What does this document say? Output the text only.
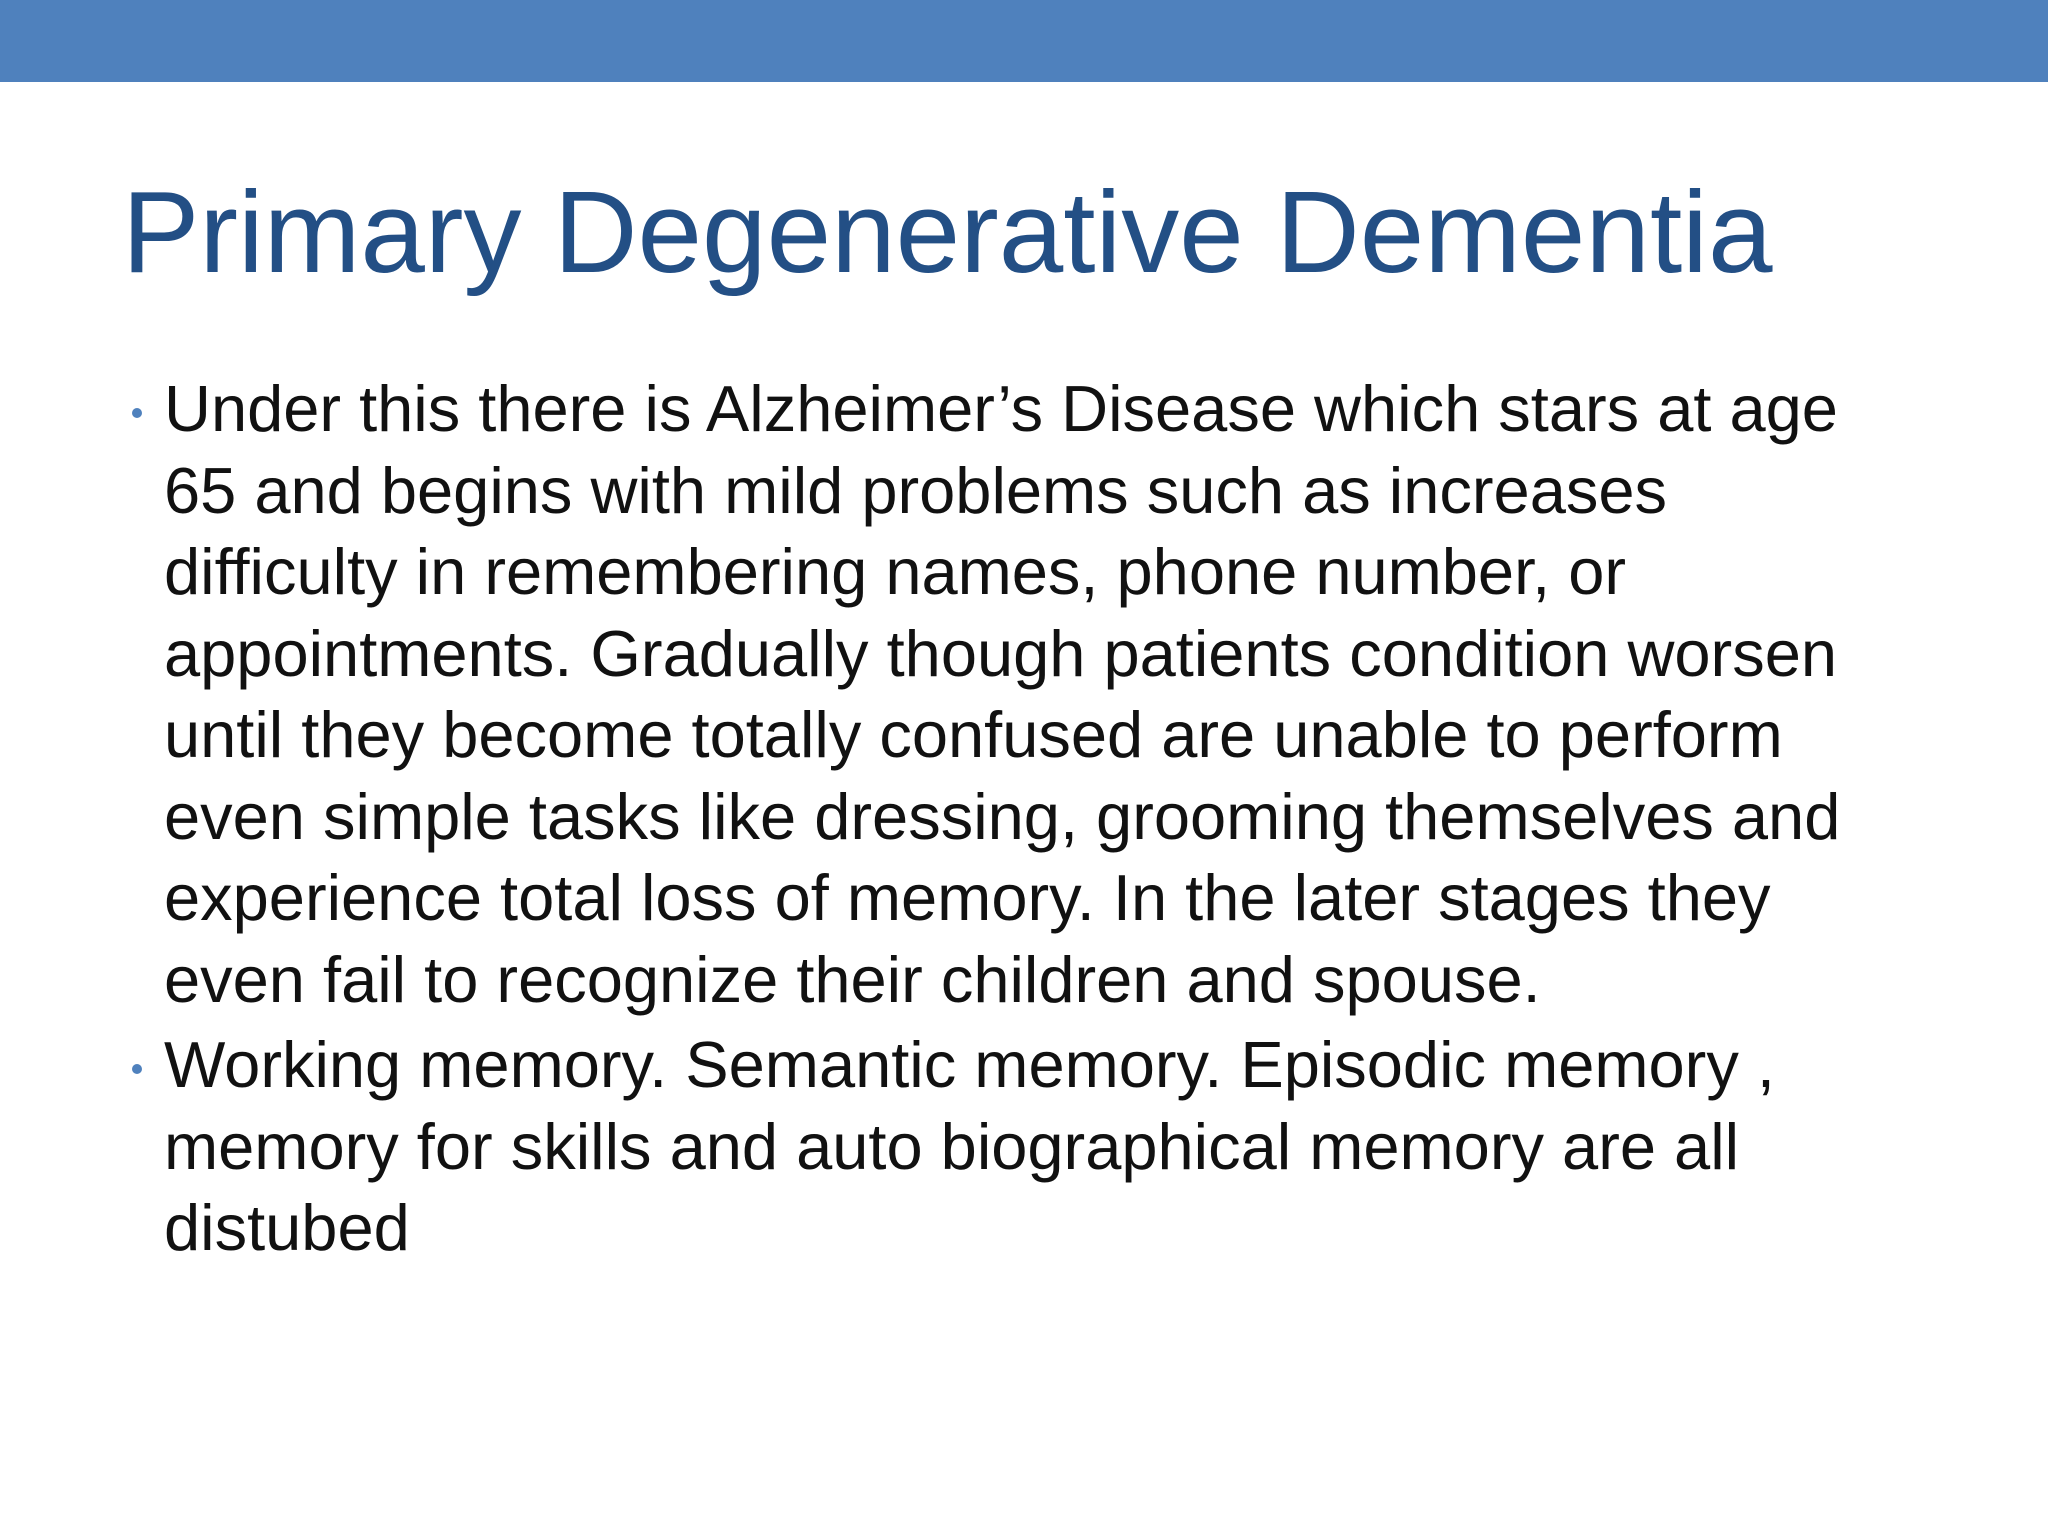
Primary Degenerative Dementia
Under this there is Alzheimer’s Disease which stars at age
65 and begins with mild problems such as increases
difficulty in remembering names, phone number, or
appointments. Gradually though patients condition worsen
until they become totally confused are unable to perform
even simple tasks like dressing, grooming themselves and
experience total loss of memory. In the later stages they
even fail to recognize their children and spouse.
Working memory. Semantic memory. Episodic memory ,
memory for skills and auto biographical memory are all
distubed
